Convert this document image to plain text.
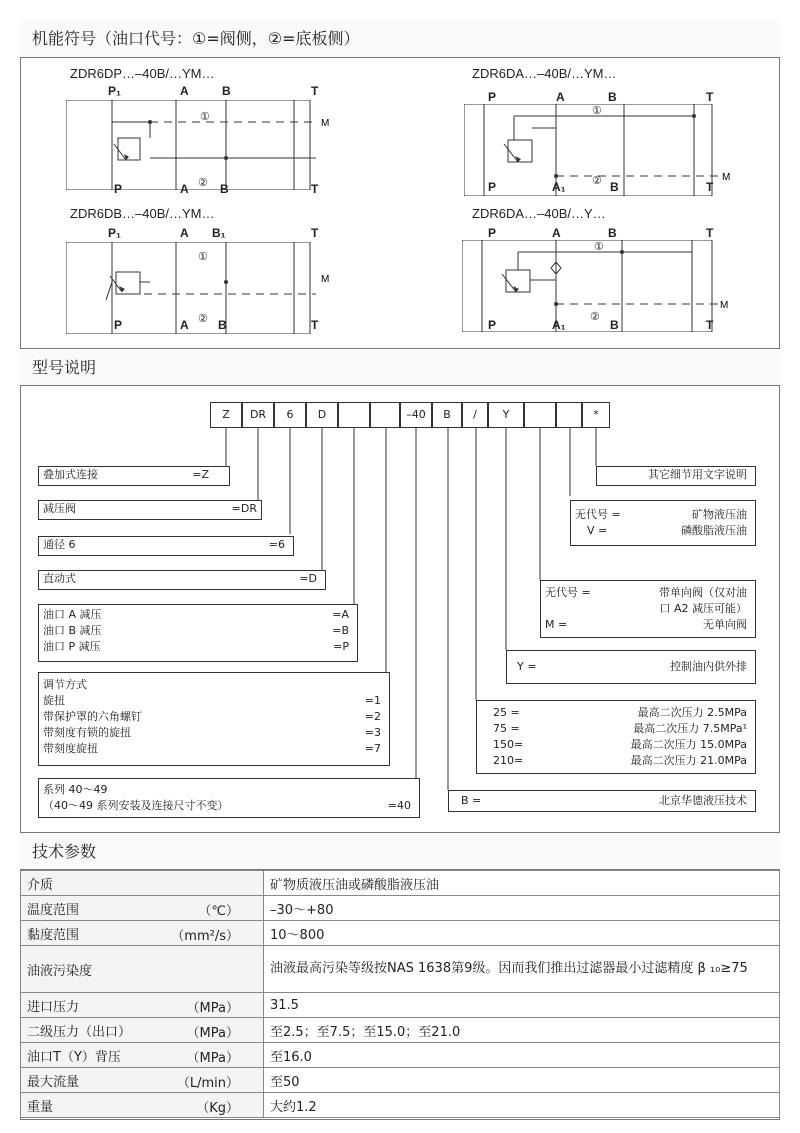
机能符号（油口代号：①=阀侧，②=底板侧）
ZDR6DP…–40B/…YM…
P₁	A	B	T
M
①
P	A ② B	T
ZDR6DA…–40B/…YM…
P	A	B	T
M
①
P	A₁ ② B	T
ZDR6DB…–40B/…YM…
P₁	A B₁	T
M
①
P	A ② B	T
ZDR6DA…–40B/…Y…
P	A	B	T
M
①
P	A₁
②
B	T
型号说明
Z	DR	6	D	–40	B	/	Y	*
叠加式连接	=Z
减压阀	=DR
通径 6	=6
直动式	=D
油口 A 减压	=A
油口 B 减压	=B
油口 P 减压	=P
调节方式
旋扭	=1
带保护罩的六角螺钉	=2
带刻度有锁的旋扭	=3
带刻度旋扭	=7
系列 40～49
（40～49 系列安装及连接尺寸不变）	=40
其它细节用文字说明
无代号 =	矿物液压油
V =	磷酸脂液压油
无代号 =	带单向阀（仅对油
口 A2 减压可能）
M =	无单向阀
Y =	控制油内供外排
25 =	最高二次压力 2.5MPa
75 =	最高二次压力 7.5MPa¹
150=	最高二次压力 15.0MPa
210=	最高二次压力 21.0MPa
B =	北京华德液压技术
技术参数
介质	矿物质液压油或磷酸脂液压油
温度范围 （℃）	–30～+80
黏度范围 （mm²/s）	10～800
油液污染度	油液最高污染等级按NAS 1638第9级。因而我们推出过滤器最小过滤精度 β ₁₀≥75
进口压力 （MPa）	31.5
二级压力（出口） （MPa）	至2.5；至7.5；至15.0；至21.0
油口T（Y）背压 （MPa）	至16.0
最大流量 （L/min）	至50
重量 （Kg）	大约1.2
